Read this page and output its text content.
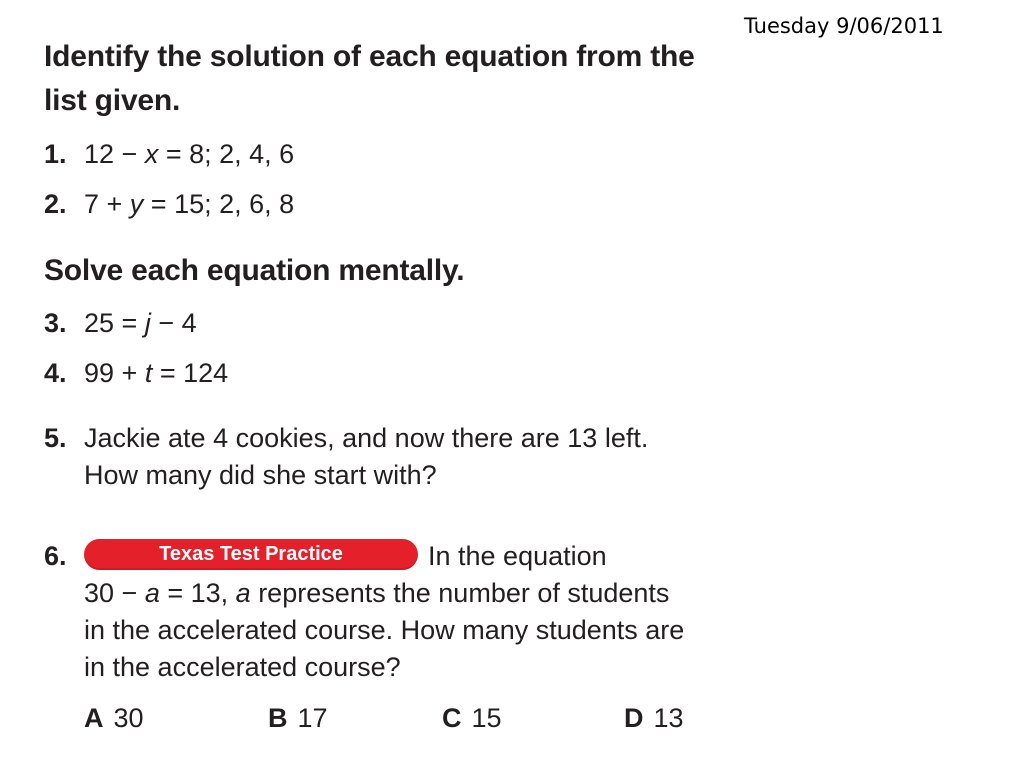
Tuesday 9/06/2011
Identify the solution of each equation from the
list given.
1. 12 − x = 8; 2, 4, 6
2. 7 + y = 15; 2, 6, 8
Solve each equation mentally.
3. 25 = j − 4
4. 99 + t = 124
5. Jackie ate 4 cookies, and now there are 13 left.
How many did she start with?
6.	Texas Test Practice	In the equation
30 − a = 13, a represents the number of students
in the accelerated course. How many students are
in the accelerated course?
A 30	B 17	C 15	D 13
